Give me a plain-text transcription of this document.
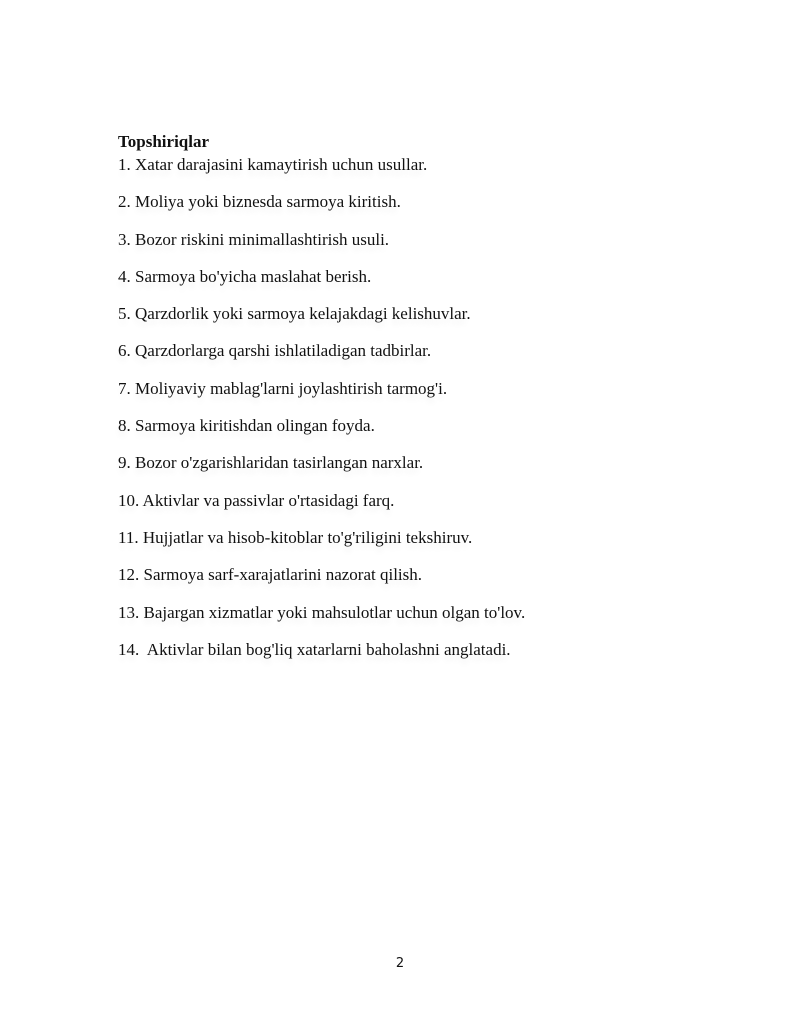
Topshiriqlar
1. Xatar darajasini kamaytirish uchun usullar.
2. Moliya yoki biznesda sarmoya kiritish.
3. Bozor riskini minimallashtirish usuli.
4. Sarmoya bo'yicha maslahat berish.
5. Qarzdorlik yoki sarmoya kelajakdagi kelishuvlar.
6. Qarzdorlarga qarshi ishlatiladigan tadbirlar.
7. Moliyaviy mablag'larni joylashtirish tarmog'i.
8. Sarmoya kiritishdan olingan foyda.
9. Bozor o'zgarishlaridan tasirlangan narxlar.
10. Aktivlar va passivlar o'rtasidagi farq.
11. Hujjatlar va hisob-kitoblar to'g'riligini tekshiruv.
12. Sarmoya sarf-xarajatlarini nazorat qilish.
13. Bajargan xizmatlar yoki mahsulotlar uchun olgan to'lov.
14.  Aktivlar bilan bog'liq xatarlarni baholashni anglatadi.
2
